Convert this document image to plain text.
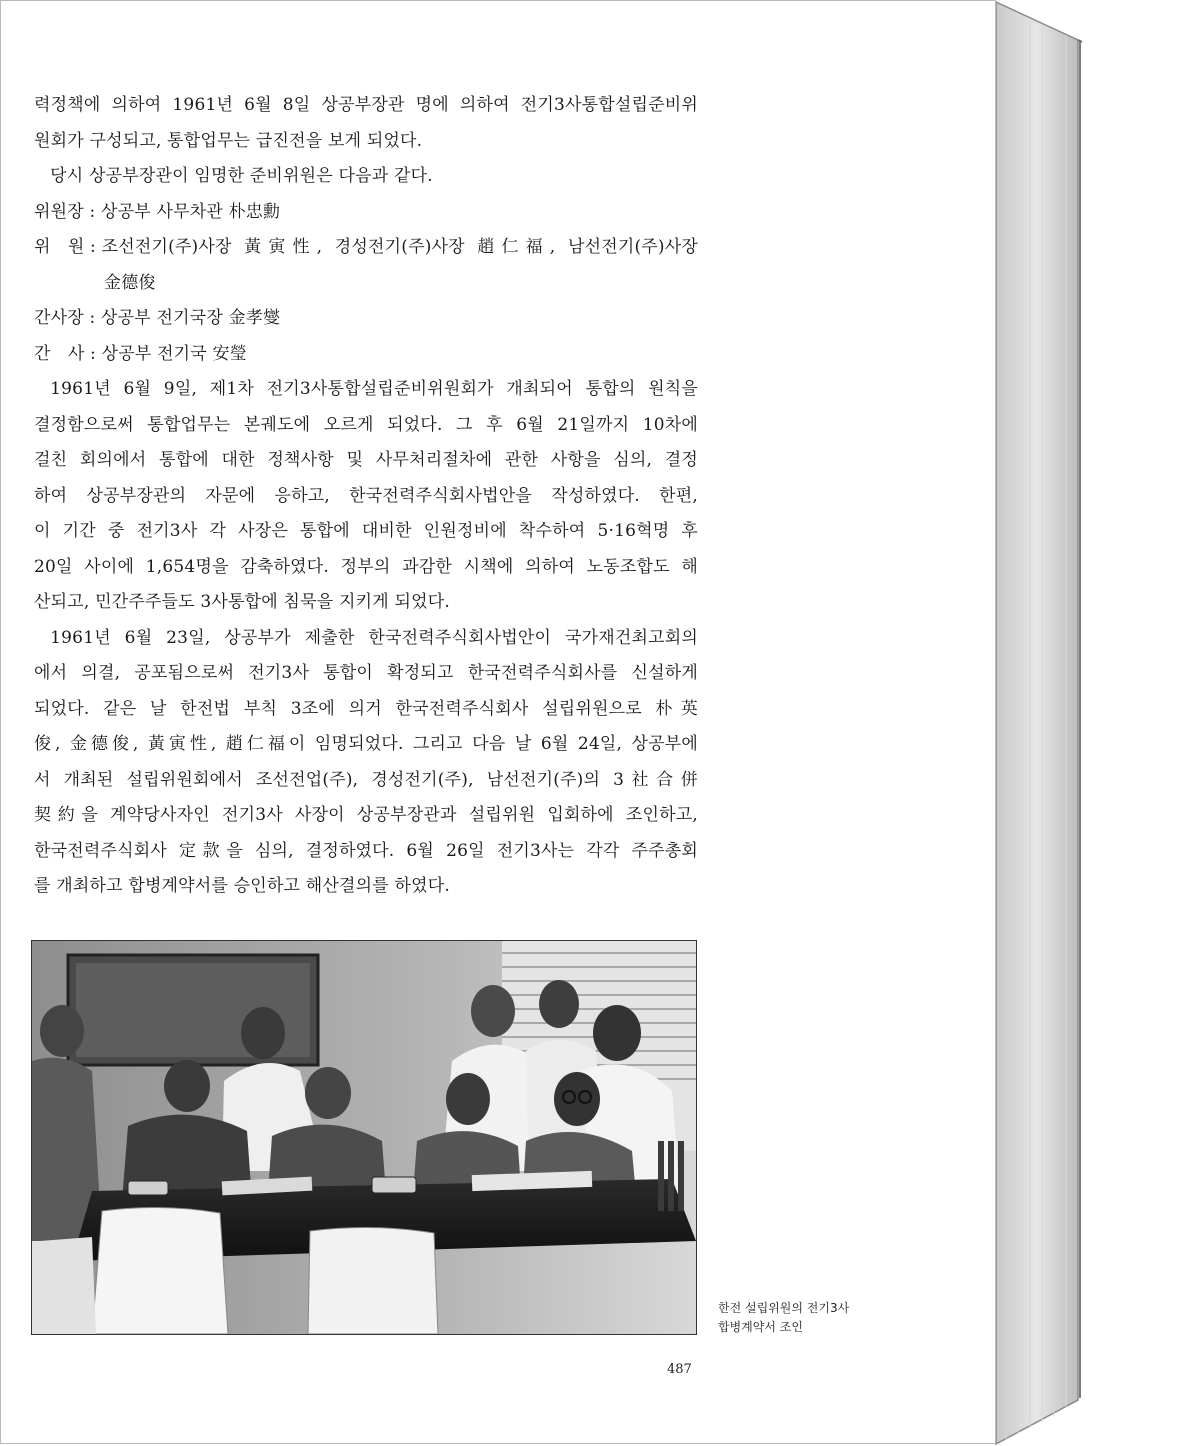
력정책에 의하여 1961년 6월 8일 상공부장관 명에 의하여 전기3사통합설립준비위

원회가 구성되고, 통합업무는 급진전을 보게 되었다.

당시 상공부장관이 임명한 준비위원은 다음과 같다.

위원장 : 상공부 사무차관 朴忠勳
위　원 : 조선전기(주)사장 黃寅性, 경성전기(주)사장 趙仁福, 남선전기(주)사장

金德俊

간사장 : 상공부 전기국장 金孝燮
간　사 : 상공부 전기국 安瑩

1961년 6월 9일, 제1차 전기3사통합설립준비위원회가 개최되어 통합의 원칙을

결정함으로써 통합업무는 본궤도에 오르게 되었다. 그 후 6월 21일까지 10차에

걸친 회의에서 통합에 대한 정책사항 및 사무처리절차에 관한 사항을 심의, 결정

하여 상공부장관의 자문에 응하고, 한국전력주식회사법안을 작성하였다. 한편,

이 기간 중 전기3사 각 사장은 통합에 대비한 인원정비에 착수하여 5·16혁명 후

20일 사이에 1,654명을 감축하였다. 정부의 과감한 시책에 의하여 노동조합도 해

산되고, 민간주주들도 3사통합에 침묵을 지키게 되었다.

1961년 6월 23일, 상공부가 제출한 한국전력주식회사법안이 국가재건최고회의

에서 의결, 공포됨으로써 전기3사 통합이 확정되고 한국전력주식회사를 신설하게

되었다. 같은 날 한전법 부칙 3조에 의거 한국전력주식회사 설립위원으로 朴英

俊, 金德俊, 黃寅性, 趙仁福이 임명되었다. 그리고 다음 날 6월 24일, 상공부에

서 개최된 설립위원회에서 조선전업(주), 경성전기(주), 남선전기(주)의 3社合併

契約을 계약당사자인 전기3사 사장이 상공부장관과 설립위원 입회하에 조인하고,

한국전력주식회사 定款을 심의, 결정하였다. 6월 26일 전기3사는 각각 주주총회

를 개최하고 합병계약서를 승인하고 해산결의를 하였다.

한전 설립위원의 전기3사
합병계약서 조인
487
